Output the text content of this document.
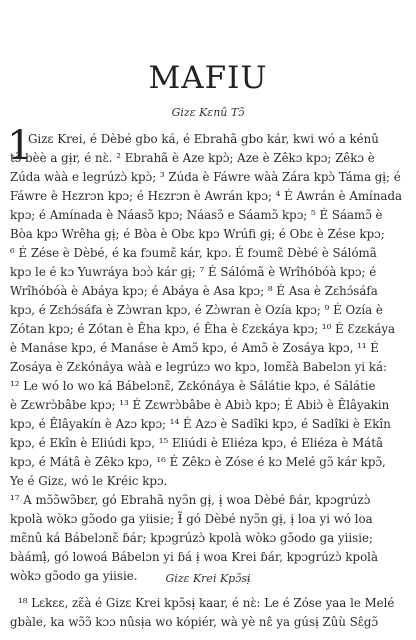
MAFIU
Gizɛ Kɛnû Tɔ̃
1
Gizɛ Krei, é Dèbé gbo ká, é Ebrahã gbo kár, kwi wó a kénû
tɔ̃ bèè a gɨ̣r, é nɛ̀. ² Ebrahã è Aze kpɔ̀; Aze è Zêkɔ kpɔ; Zêkɔ è
Zúda wàà e legrúzɔ̀ kpɔ̀; ³ Zúda è Fáwre wàà Zára kpɔ̀ Táma gɨ̣; é
Fáwre è Hɛzrɔn kpɔ; é Hɛzrɔn è Awrán kpɔ; ⁴ É Awrán è Amínada
kpɔ; é Amínada è Náasɔ̃ kpɔ; Náasɔ̃ e Sáamɔ̃ kpɔ; ⁵ É Sáamɔ̃ è
Bòa kpɔ Wrêha gɨ̣; é Bòa è Obɛ kpɔ Wrúfi gɨ̣; é Obɛ è Zése kpɔ;
⁶ É Zése è Dèbé, é ka fɔumɛ̃ kár, kpɔ. É fɔumɛ̃ Dèbé è Sálómã
kpɔ le é kɔ Yuwráya bɔɔ̀ kár gɨ̣; ⁷ É Sálómã è Wrîhóbóà kpɔ; é
Wrîhóbóà è Abáya kpɔ; é Abáya è Asa kpɔ; ⁸ É Asa è Zɛhɔ́sáfa
kpɔ, é Zɛhɔ́sáfa è Zɔ̀wran kpɔ, é Zɔ̀wran è Ozía kpɔ; ⁹ É Ozía è
Zótan kpɔ; é Zótan è Êha kpɔ, é Êha è Ɛzɛkáya kpɔ; ¹⁰ É Ɛzɛkáya
è Manáse kpɔ, é Manáse è Amɔ̃ kpɔ, é Amɔ̃ è Zosáya kpɔ, ¹¹ É
Zosáya è Zɛkónáya wàà e legrúzɔ wo kpɔ, lomɛ̃à Babelɔn yi ká:
¹² Le wó lo wo ká Bábelɔnɛ̃, Zɛkónáya è Sálátie kpɔ, é Sálátie
è Zɛwrɔ̀bâbe kpɔ; ¹³ É Zɛwrɔ̀bâbe è Abiɔ̀ kpɔ; É Abiɔ̀ è Êlâyakin
kpɔ, é Êlâyakín è Azɔ kpɔ; ¹⁴ É Azɔ è Sadîki kpɔ, é Sadîki è Ekîn
kpɔ, é Ekîn è Eliúdi kpɔ, ¹⁵ Eliúdi è Eliéza kpɔ, é Eliéza è Mátâ
kpɔ, é Mátâ è Zêkɔ kpɔ, ¹⁶ É Zêkɔ è Zóse é kɔ Melé gɔ̃ kár kpɔ̃,
Ye é Gizɛ, wó le Kréic kpɔ.
¹⁷ A mɔ̃ɔ̃wɔ̃bɛr, gó Ebrahã nyɔ̃n gɨ̣, ɨ̣ woa Dèbé ɓár, kpɔgrúzɔ̀
kpolà wòkɔ gɔ̃odo ga yiisie; Ɨ̃ gó Dèbé nyɔ̃n gɨ̣, ɨ̣ loa yi wó loa
mɛ̃nû ká Bábelɔnɛ̃ ɓár; kpɔgrúzɔ̀ kpolà wòkɔ gɔ̃odo ga yiisie;
bàámɨ̣̂, gó lowoá Bábelɔn yi ɓá ɨ̣ woa Krei ɓár, kpɔgrúzɔ̀ kpolà
wòkɔ gɔ̃odo ga yiisie.	Gizɛ Krei Kpɔ̃sɨ̣
¹⁸ Lɛkɛɛ, zɛ̃à é Gizɛ Krei kpɔ̃sɨ̣ kaar, é nɛ̀: Le é Zóse yaa le Melé
gbàle, ka wɔ̃ɔ̃ kɔɔ nûsɨ̣a wo kópiér, wà yè nɛ̂ ya gúsɨ̣ Zûù Sɛ̂gɔ̃
